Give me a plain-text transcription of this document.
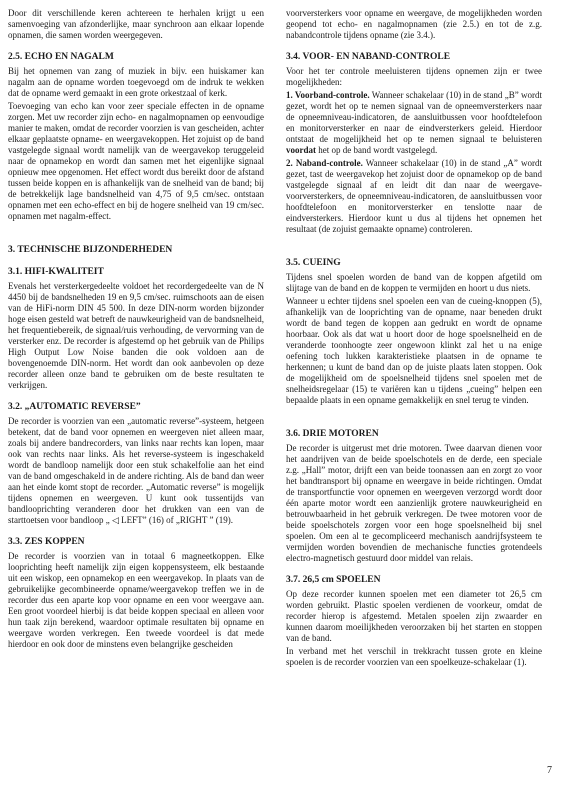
Door dit verschillende keren achtereen te herhalen krijgt u een samenvoeging van afzonderlijke, maar synchroon aan elkaar lopende opnamen, die samen worden weergegeven.

2.5. ECHO EN NAGALM

Bij het opnemen van zang of muziek in bijv. een huiskamer kan nagalm aan de opname worden toegevoegd om de indruk te wekken dat de opname werd gemaakt in een grote orkestzaal of kerk.

Toevoeging van echo kan voor zeer speciale effecten in de opname zorgen. Met uw recorder zijn echo- en nagalmopnamen op eenvoudige manier te maken, omdat de recorder voorzien is van gescheiden, achter elkaar geplaatste opname- en weergavekoppen. Het zojuist op de band vastgelegde signaal wordt namelijk van de weergavekop teruggeleid naar de opnamekop en wordt dan samen met het eigenlijke signaal opnieuw mee opgenomen. Het effect wordt dus bereikt door de afstand tussen beide koppen en is afhankelijk van de snelheid van de band; bij de betrekkelijk lage bandsnelheid van 4,75 of 9,5 cm/sec. ontstaan opnamen met een echo-effect en bij de hogere snelheid van 19 cm/sec. opnamen met nagalm-effect.

3. TECHNISCHE BIJZONDERHEDEN
3.1. HIFI-KWALITEIT

Evenals het versterkergedeelte voldoet het recordergedeelte van de N 4450 bij de bandsnelheden 19 en 9,5 cm/sec. ruimschoots aan de eisen van de HiFi-norm DIN 45 500. In deze DIN-norm worden bijzonder hoge eisen gesteld wat betreft de nauwkeurigheid van de bandsnelheid, het frequentiebereik, de signaal/ruis verhouding, de vervorming van de versterker enz. De recorder is afgestemd op het gebruik van de Philips High Output Low Noise banden die ook voldoen aan de bovengenoemde DIN-norm. Het wordt dan ook aanbevolen op deze recorder alleen onze band te gebruiken om de beste resultaten te verkrijgen.

3.2. „AUTOMATIC REVERSE”

De recorder is voorzien van een „automatic reverse”-systeem, hetgeen betekent, dat de band voor opnemen en weergeven niet alleen maar, zoals bij andere bandrecorders, van links naar rechts kan lopen, maar ook van rechts naar links. Als het reverse-systeem is ingeschakeld wordt de bandloop namelijk door een stuk schakelfolie aan het eind van de band omgeschakeld in de andere richting. Als de band dan weer aan het einde komt stopt de recorder. „Automatic reverse” is mogelijk tijdens opnemen en weergeven. U kunt ook tussentijds van bandlooprichting veranderen door het drukken van een van de starttoetsen voor bandloop „ ◁ LEFT” (16) of „RIGHT ” (19).

3.3. ZES KOPPEN

De recorder is voorzien van in totaal 6 magneetkoppen. Elke looprichting heeft namelijk zijn eigen koppensysteem, elk bestaande uit een wiskop, een opnamekop en een weergavekop. In plaats van de gebruikelijke gecombineerde opname/weergavekop treffen we in de recorder dus een aparte kop voor opname en een voor weergave aan. Een groot voordeel hierbij is dat beide koppen speciaal en alleen voor hun taak zijn berekend, waardoor optimale resultaten bij opname en weergave worden verkregen. Een tweede voordeel is dat mede hierdoor en ook door de minstens even belangrijke gescheiden

voorversterkers voor opname en weergave, de mogelijkheden worden geopend tot echo- en nagalmopnamen (zie 2.5.) en tot de z.g. nabandcontrole tijdens opname (zie 3.4.).

3.4. VOOR- EN NABAND-CONTROLE

Voor het ter controle meeluisteren tijdens opnemen zijn er twee mogelijkheden:

1. Voorband-controle. Wanneer schakelaar (10) in de stand „B” wordt gezet, wordt het op te nemen signaal van de opneemversterkers naar de opneemniveau-indicatoren, de aansluitbussen voor hoofdtelefoon en monitorversterker en naar de eindversterkers geleid. Hierdoor ontstaat de mogelijkheid het op te nemen signaal te beluisteren voordat het op de band wordt vastgelegd.

2. Naband-controle. Wanneer schakelaar (10) in de stand „A” wordt gezet, tast de weergavekop het zojuist door de opnamekop op de band vastgelegde signaal af en leidt dit dan naar de weergave-voorversterkers, de opneemniveau-indicatoren, de aansluitbussen voor hoofdtelefoon en monitorversterker en tenslotte naar de eindversterkers. Hierdoor kunt u dus al tijdens het opnemen het resultaat (de zojuist gemaakte opname) controleren.

3.5. CUEING

Tijdens snel spoelen worden de band van de koppen afgetild om slijtage van de band en de koppen te vermijden en hoort u dus niets.

Wanneer u echter tijdens snel spoelen een van de cueing-knoppen (5), afhankelijk van de looprichting van de opname, naar beneden drukt wordt de band tegen de koppen aan gedrukt en wordt de opname hoorbaar. Ook als dat wat u hoort door de hoge spoelsnelheid en de veranderde toonhoogte zeer ongewoon klinkt zal het u na enige oefening toch lukken karakteristieke plaatsen in de opname te herkennen; u kunt de band dan op de juiste plaats laten stoppen. Ook de mogelijkheid om de spoelsnelheid tijdens snel spoelen met de snelheidsregelaar (15) te variëren kan u tijdens „cueing” helpen een bepaalde plaats in een opname gemakkelijk en snel terug te vinden.

3.6. DRIE MOTOREN

De recorder is uitgerust met drie motoren. Twee daarvan dienen voor het aandrijven van de beide spoelschotels en de derde, een speciale z.g. „Hall” motor, drijft een van beide toonassen aan en zorgt zo voor het bandtransport bij opname en weergave in beide richtingen. Omdat de transportfunctie voor opnemen en weergeven verzorgd wordt door één aparte motor wordt een aanzienlijk grotere nauwkeurigheid en betrouwbaarheid in het gebruik verkregen. De twee motoren voor de beide spoelschotels zorgen voor een hoge spoelsnelheid bij snel spoelen. Om een al te gecompliceerd mechanisch aandrijfsysteem te vermijden worden bovendien de mechanische functies grotendeels electro-magnetisch gestuurd door middel van relais.

3.7. 26,5 cm SPOELEN

Op deze recorder kunnen spoelen met een diameter tot 26,5 cm worden gebruikt. Plastic spoelen verdienen de voorkeur, omdat de recorder hierop is afgestemd. Metalen spoelen zijn zwaarder en kunnen daarom moeilijkheden veroorzaken bij het starten en stoppen van de band.

In verband met het verschil in trekkracht tussen grote en kleine spoelen is de recorder voorzien van een spoelkeuze-schakelaar (1).

7
